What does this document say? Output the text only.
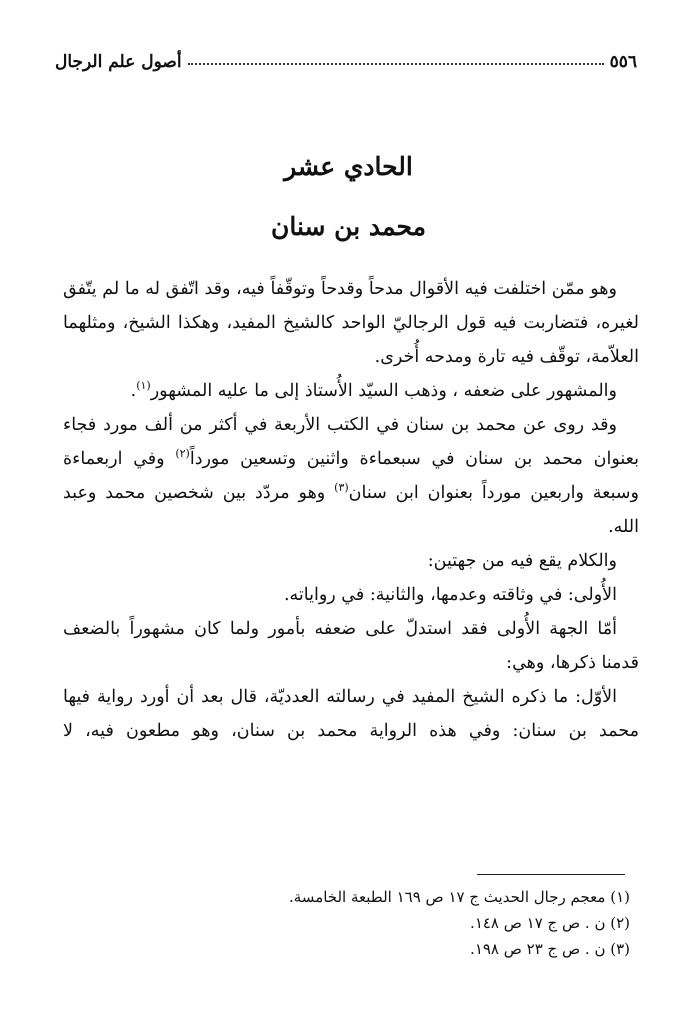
٥٥٦
أصول علم الرجال
الحادي عشر
محمد بن سنان

وهو ممّن اختلفت فيه الأقوال مدحاً وقدحاً وتوقّفاً فيه، وقد اتّفق له ما لم يتّفق لغيره، فتضاربت فيه قول الرجاليّ الواحد كالشيخ المفيد، وهكذا الشيخ، ومثلهما العلاّمة، توقّف فيه تارة ومدحه أُخرى.

والمشهور على ضعفه ، وذهب السيّد الأُستاذ إلى ما عليه المشهور$^{(١)}$.

وقد روى عن محمد بن سنان في الكتب الأربعة في أكثر من ألف مورد فجاء بعنوان محمد بن سنان في سبعماءة واثنين وتسعين مورداً$^{(٢)}$ وفي اربعماءة وسبعة واربعين مورداً بعنوان ابن سنان$^{(٣)}$ وهو مردّد بين شخصين محمد وعبد الله.

والكلام يقع فيه من جهتين:

الأُولى: في وثاقته وعدمها، والثانية: في رواياته.

أمّا الجهة الأُولى فقد استدلّ على ضعفه بأمور ولما كان مشهوراً بالضعف قدمنا ذكرها، وهي:

الأوّل: ما ذكره الشيخ المفيد في رسالته العدديّة، قال بعد أن أورد رواية فيها محمد بن سنان: وفي هذه الرواية محمد بن سنان، وهو مطعون فيه، لا

(١) معجم رجال الحديث ج ١٧ ص ١٦٩ الطبعة الخامسة.
(٢) ن . ص ج ١٧ ص ١٤٨.
(٣) ن . ص ج ٢٣ ص ١٩٨.
